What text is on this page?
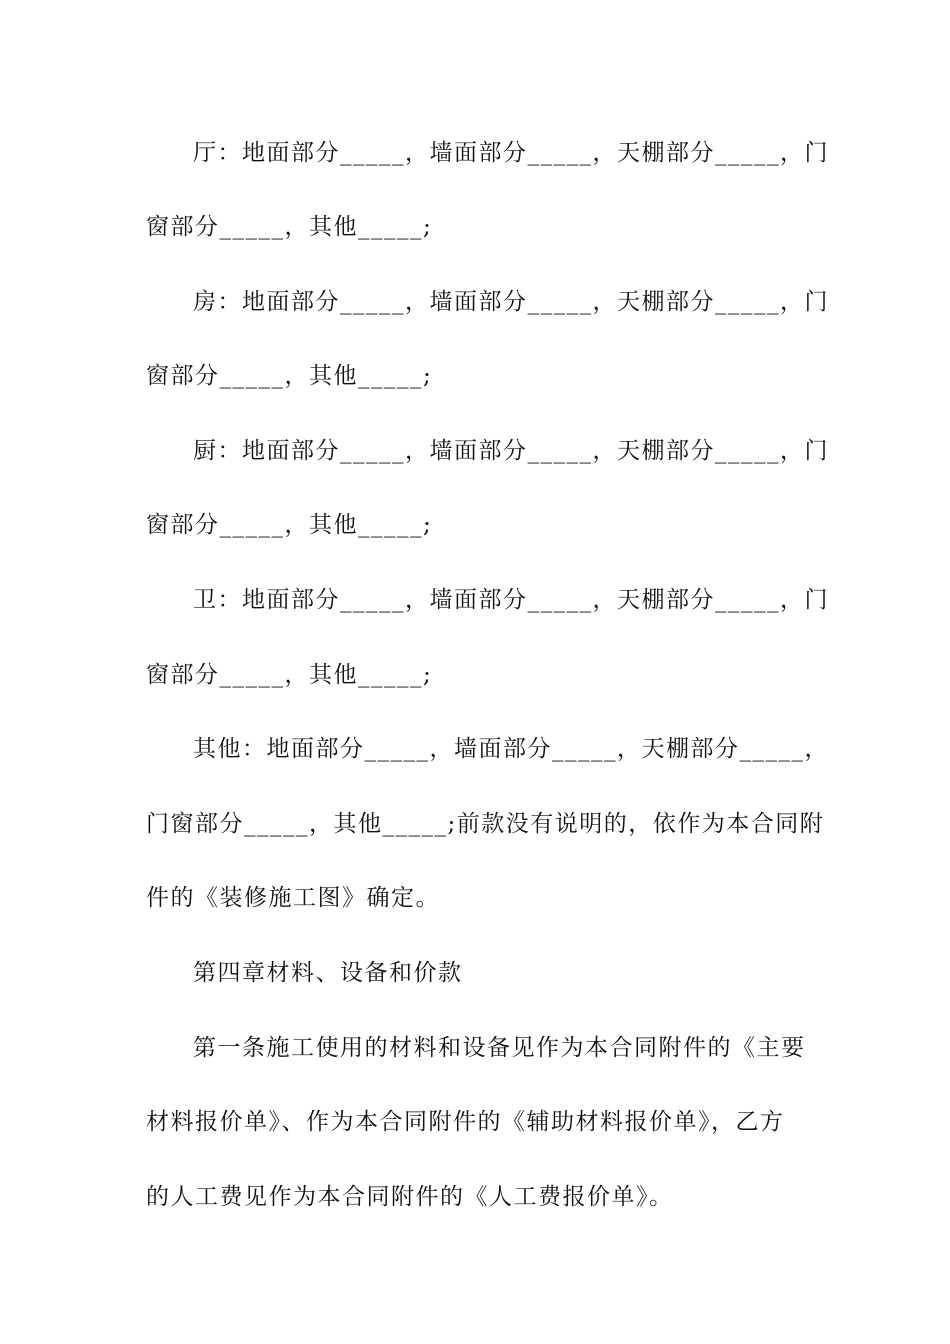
厅：地面部分_____，墙面部分_____，天棚部分_____，门
窗部分_____，其他_____;
房：地面部分_____，墙面部分_____，天棚部分_____，门
窗部分_____，其他_____;
厨：地面部分_____，墙面部分_____，天棚部分_____，门
窗部分_____，其他_____;
卫：地面部分_____，墙面部分_____，天棚部分_____，门
窗部分_____，其他_____;
其他：地面部分_____，墙面部分_____，天棚部分_____，
门窗部分_____，其他_____;前款没有说明的，依作为本合同附
件的《装修施工图》确定。
第四章材料、设备和价款
第一条施工使用的材料和设备见作为本合同附件的《主要
材料报价单》、作为本合同附件的《辅助材料报价单》，乙方
的人工费见作为本合同附件的《人工费报价单》。
